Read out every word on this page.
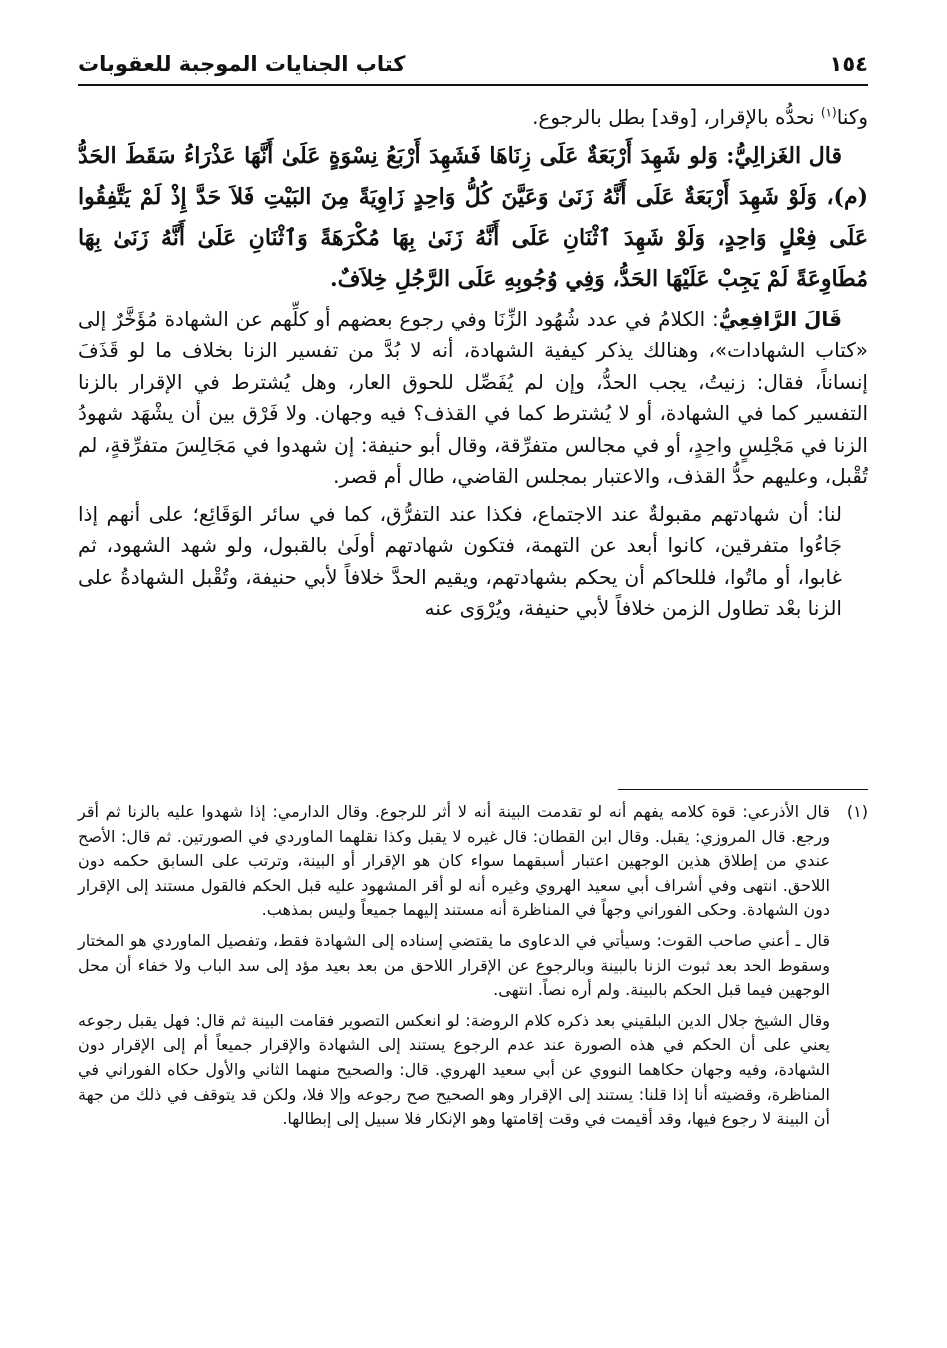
١٥٤
كتاب الجنايات الموجبة للعقوبات

وكنا$^{(١)}$ نحدُّه بالإقرار، [وقد] بطل بالرجوع.

قال الغَزالِيُّ: وَلو شَهِدَ أَرْبَعَةٌ عَلَى زِنَاهَا فَشَهِدَ أَرْبَعُ نِسْوَةٍ عَلَىٰ أَنَّهَا عَذْرَاءُ سَقَطَ الحَدُّ (م)، وَلَوْ شَهِدَ أَرْبَعَةٌ عَلَى أَنَّهُ زَنَىٰ وَعَيَّنَ كُلُّ وَاحِدٍ زَاوِيَةً مِنَ البَيْتِ فَلاَ حَدَّ إِذْ لَمْ يَتَّفِقُوا عَلَى فِعْلٍ وَاحِدٍ، وَلَوْ شَهِدَ ٱثْنَانِ عَلَى أَنَّهُ زَنَىٰ بِهَا مُكْرَهَةً وَٱثْنَانِ عَلَىٰ أَنَّهُ زَنَىٰ بِهَا مُطَاوِعَةً لَمْ يَجِبْ عَلَيْهَا الحَدُّ، وَفِي وُجُوبِهِ عَلَى الرَّجُلِ خِلاَفٌ.

قَالَ الرَّافِعِيُّ: الكلامُ في عدد شُهُود الزِّنَا وفي رجوع بعضهم أو كلِّهم عن الشهادة مُؤَخَّرٌ إلى «كتاب الشهادات»، وهنالك يذكر كيفية الشهادة، أنه لا بُدَّ من تفسير الزنا بخلاف ما لو قَذَفَ إنساناً، فقال: زنيتُ، يجب الحدُّ، وإن لم يُفَصِّل للحوق العار، وهل يُشترط في الإقرار بالزنا التفسير كما في الشهادة، أو لا يُشترط كما في القذف؟ فيه وجهان. ولا فَرْق بين أن يشْهَد شهودُ الزنا في مَجْلِسٍ واحِدٍ، أو في مجالس متفرِّقة، وقال أبو حنيفة: إن شهدوا في مَجَالِسَ متفرِّقةٍ، لم تُقْبل، وعليهم حدُّ القذف، والاعتبار بمجلس القاضي، طال أم قصر.

لنا: أن شهادتهم مقبولةٌ عند الاجتماع، فكذا عند التفرُّق، كما في سائر الوَقَائِع؛ على أنهم إذا جَاءُوا متفرقين، كانوا أبعد عن التهمة، فتكون شهادتهم أولَىٰ بالقبول، ولو شهد الشهود، ثم غابوا، أو ماتُوا، فللحاكم أن يحكم بشهادتهم، ويقيم الحدَّ خلافاً لأبي حنيفة، وتُقْبل الشهادةُ على الزنا بعْد تطاول الزمن خلافاً لأبي حنيفة، ويُرْوَى عنه

(١)
قال الأذرعي: قوة كلامه يفهم أنه لو تقدمت البينة أنه لا أثر للرجوع. وقال الدارمي: إذا شهدوا عليه بالزنا ثم أقر ورجع. قال المروزي: يقبل. وقال ابن القطان: قال غيره لا يقبل وكذا نقلهما الماوردي في الصورتين. ثم قال: الأصح عندي من إطلاق هذين الوجهين اعتبار أسبقهما سواء كان هو الإقرار أو البينة، وترتب على السابق حكمه دون اللاحق. انتهى وفي أشراف أبي سعيد الهروي وغيره أنه لو أقر المشهود عليه قبل الحكم فالقول مستند إلى الإقرار دون الشهادة. وحكى الفوراني وجهاً في المناظرة أنه مستند إليهما جميعاً وليس بمذهب.

قال ـ أعني صاحب القوت: وسيأتي في الدعاوى ما يقتضي إسناده إلى الشهادة فقط، وتفصيل الماوردي هو المختار وسقوط الحد بعد ثبوت الزنا بالبينة وبالرجوع عن الإقرار اللاحق من بعد بعيد مؤد إلى سد الباب ولا خفاء أن محل الوجهين فيما قبل الحكم بالبينة. ولم أره نصاً. انتهى.

وقال الشيخ جلال الدين البلقيني بعد ذكره كلام الروضة: لو انعكس التصوير فقامت البينة ثم قال: فهل يقبل رجوعه يعني على أن الحكم في هذه الصورة عند عدم الرجوع يستند إلى الشهادة والإقرار جميعاً أم إلى الإقرار دون الشهادة، وفيه وجهان حكاهما النووي عن أبي سعيد الهروي. قال: والصحيح منهما الثاني والأول حكاه الفوراني في المناظرة، وقضيته أنا إذا قلنا: يستند إلى الإقرار وهو الصحيح صح رجوعه وإلا فلا، ولكن قد يتوقف في ذلك من جهة أن البينة لا رجوع فيها، وقد أقيمت في وقت إقامتها وهو الإنكار فلا سبيل إلى إبطالها.
